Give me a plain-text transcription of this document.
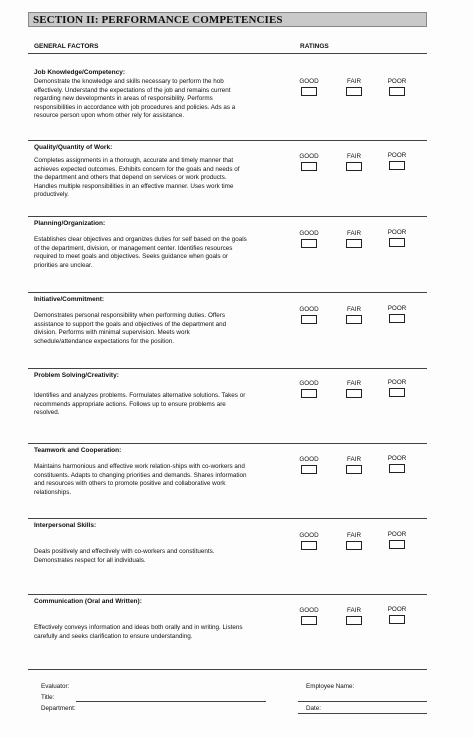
SECTION II: PERFORMANCE COMPETENCIES
GENERAL FACTORS	RATINGS
Job Knowledge/Competency:
Demonstrate the knowledge and skills necessary to perform the hob effectively. Understand the expectations of the job and remains current regarding new developments in areas of responsibility. Performs responsibilities in accordance with job procedures and policies. Ads as a resource person upon whom other rely for assistance.
GOOD	FAIR	POOR
Quality/Quantity of Work:
Completes assignments in a thorough, accurate and timely manner that achieves expected outcomes. Exhibits concern for the goals and needs of the department and others that depend on services or work products. Handles multiple responsibilities in an effective manner. Uses work time productively.
GOOD	FAIR	POOR
Planning/Organization:
Establishes clear objectives and organizes duties for self based on the goals of the department, division, or management center. Identifies resources required to meet goals and objectives. Seeks guidance when goals or priorities are unclear.
GOOD	FAIR	POOR
Initiative/Commitment:
Demonstrates personal responsibility when performing duties. Offers assistance to support the goals and objectives of the department and division. Performs with minimal supervision. Meets work schedule/attendance expectations for the position.
GOOD	FAIR	POOR
Problem Solving/Creativity:
Identifies and analyzes problems. Formulates alternative solutions. Takes or recommends appropriate actions. Follows up to ensure problems are resolved.
GOOD	FAIR	POOR
Teamwork and Cooperation:
Maintains harmonious and effective work relation-ships with co-workers and constituents. Adapts to changing priorities and demands. Shares information and resources with others to promote positive and collaborative work relationships.
GOOD	FAIR	POOR
Interpersonal Skills:
Deals positively and effectively with co-workers and constituents. Demonstrates respect for all individuals.
GOOD	FAIR	POOR
Communication (Oral and Written):
Effectively conveys information and ideas both orally and in writing. Listens carefully and seeks clarification to ensure understanding.
GOOD	FAIR	POOR
Evaluator:
Title:
Department:
Employee Name:
Date:
